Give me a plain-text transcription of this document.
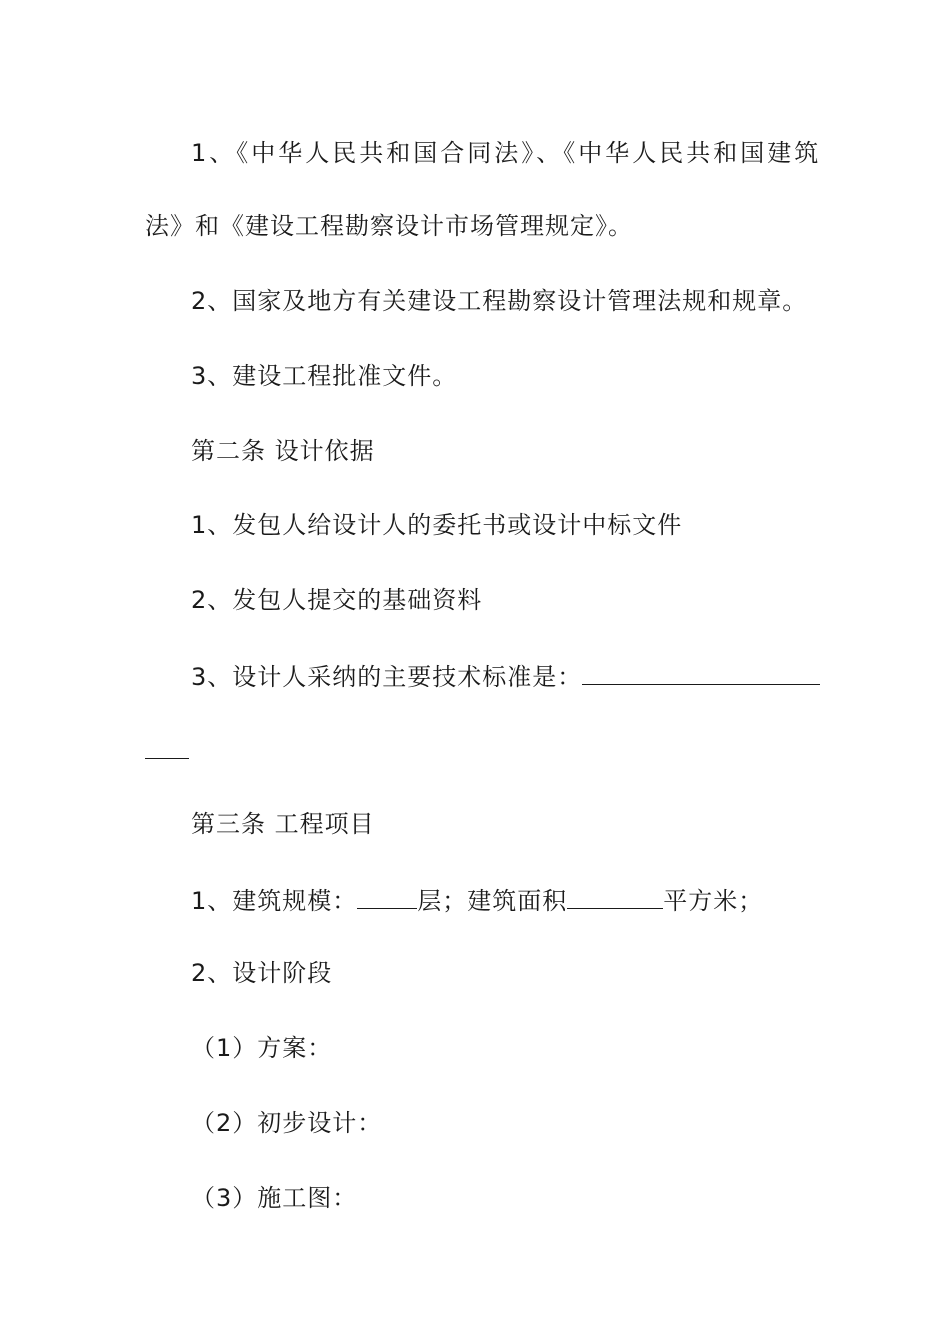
1、《中华人民共和国合同法》、《中华人民共和国建筑
法》和《建设工程勘察设计市场管理规定》。
2、国家及地方有关建设工程勘察设计管理法规和规章。
3、建设工程批准文件。
第二条 设计依据
1、发包人给设计人的委托书或设计中标文件
2、发包人提交的基础资料
3、设计人采纳的主要技术标准是：
第三条 工程项目
1、建筑规模：	层；建筑面积	平方米；
2、设计阶段
（1）方案：
（2）初步设计：
（3）施工图：
